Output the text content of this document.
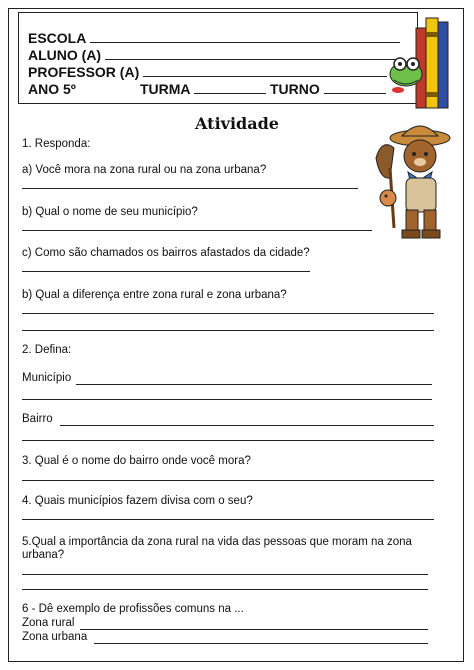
ESCOLA
ALUNO (A)
PROFESSOR (A)
ANO 5º	TURMA	TURNO
Atividade
1. Responda:
a) Você mora na zona rural ou na zona urbana?
b) Qual o nome de seu município?
c) Como são chamados os bairros afastados da cidade?
b) Qual a diferença entre zona rural e zona urbana?
2. Defina:
Município
Bairro
3. Qual é o nome do bairro onde você mora?
4. Quais municípios fazem divisa com o seu?
5.Qual a importância da zona rural na vida das pessoas que moram na zona
urbana?
6 - Dê exemplo de profissões comuns na ...
Zona rural
Zona urbana
